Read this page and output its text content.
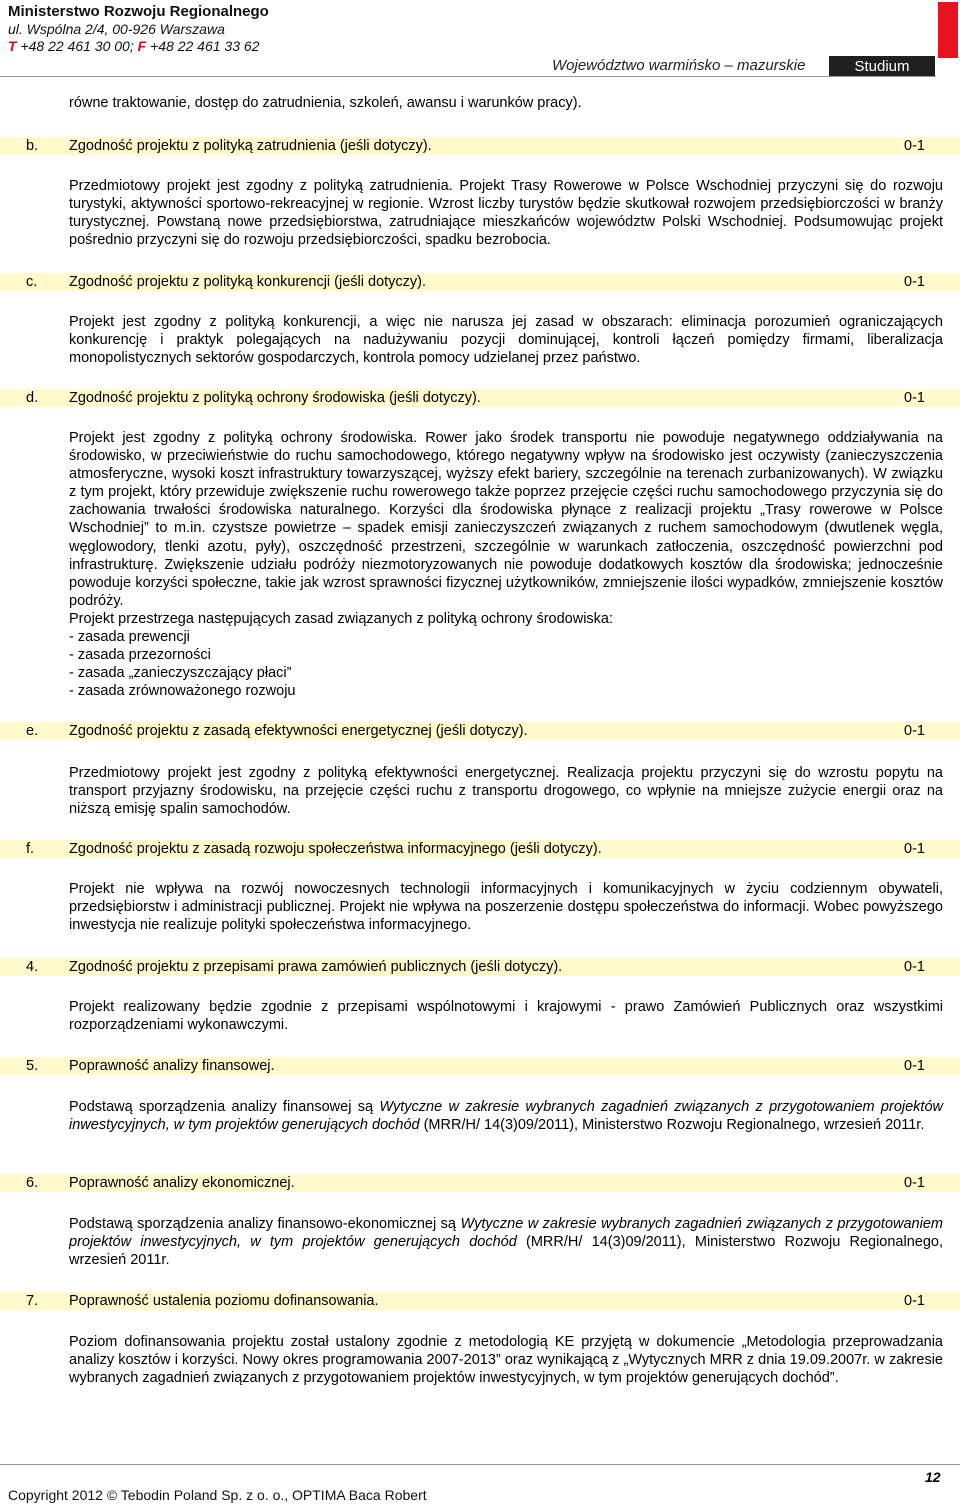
Ministerstwo Rozwoju Regionalnego
ul. Wspólna 2/4, 00-926 Warszawa
T +48 22 461 30 00; F +48 22 461 33 62
Województwo warmińsko – mazurskie	Studium
równe traktowanie, dostęp do zatrudnienia, szkoleń, awansu i warunków pracy).
b. Zgodność projektu z polityką zatrudnienia (jeśli dotyczy).	0-1
Przedmiotowy projekt jest zgodny z polityką zatrudnienia. Projekt Trasy Rowerowe w Polsce Wschodniej przyczyni się do rozwoju turystyki, aktywności sportowo-rekreacyjnej w regionie. Wzrost liczby turystów będzie skutkował rozwojem przedsiębiorczości w branży turystycznej. Powstaną nowe przedsiębiorstwa, zatrudniające mieszkańców województw Polski Wschodniej. Podsumowując projekt pośrednio przyczyni się do rozwoju przedsiębiorczości, spadku bezrobocia.
c. Zgodność projektu z polityką konkurencji (jeśli dotyczy).	0-1
Projekt jest zgodny z polityką konkurencji, a więc nie narusza jej zasad w obszarach: eliminacja porozumień ograniczających konkurencję i praktyk polegających na nadużywaniu pozycji dominującej, kontroli łączeń pomiędzy firmami, liberalizacja monopolistycznych sektorów gospodarczych, kontrola pomocy udzielanej przez państwo.
d. Zgodność projektu z polityką ochrony środowiska (jeśli dotyczy).	0-1
Projekt jest zgodny z polityką ochrony środowiska. Rower jako środek transportu nie powoduje negatywnego oddziaływania na środowisko, w przeciwieństwie do ruchu samochodowego, którego negatywny wpływ na środowisko jest oczywisty (zanieczyszczenia atmosferyczne, wysoki koszt infrastruktury towarzyszącej, wyższy efekt bariery, szczególnie na terenach zurbanizowanych). W związku z tym projekt, który przewiduje zwiększenie ruchu rowerowego także poprzez przejęcie części ruchu samochodowego przyczynia się do zachowania trwałości środowiska naturalnego. Korzyści dla środowiska płynące z realizacji projektu „Trasy rowerowe w Polsce Wschodniej” to m.in. czystsze powietrze – spadek emisji zanieczyszczeń związanych z ruchem samochodowym (dwutlenek węgla, węglowodory, tlenki azotu, pyły), oszczędność przestrzeni, szczególnie w warunkach zatłoczenia, oszczędność powierzchni pod infrastrukturę. Zwiększenie udziału podróży niezmotoryzowanych nie powoduje dodatkowych kosztów dla środowiska; jednocześnie powoduje korzyści społeczne, takie jak wzrost sprawności fizycznej użytkowników, zmniejszenie ilości wypadków, zmniejszenie kosztów podróży.
Projekt przestrzega następujących zasad związanych z polityką ochrony środowiska:
- zasada prewencji
- zasada przezorności
- zasada „zanieczyszczający płaci”
- zasada zrównoważonego rozwoju
e. Zgodność projektu z zasadą efektywności energetycznej (jeśli dotyczy).	0-1
Przedmiotowy projekt jest zgodny z polityką efektywności energetycznej. Realizacja projektu przyczyni się do wzrostu popytu na transport przyjazny środowisku, na przejęcie części ruchu z transportu drogowego, co wpłynie na mniejsze zużycie energii oraz na niższą emisję spalin samochodów.
f. Zgodność projektu z zasadą rozwoju społeczeństwa informacyjnego (jeśli dotyczy).	0-1
Projekt nie wpływa na rozwój nowoczesnych technologii informacyjnych i komunikacyjnych w życiu codziennym obywateli, przedsiębiorstw i administracji publicznej. Projekt nie wpływa na poszerzenie dostępu społeczeństwa do informacji. Wobec powyższego inwestycja nie realizuje polityki społeczeństwa informacyjnego.
4. Zgodność projektu z przepisami prawa zamówień publicznych (jeśli dotyczy).	0-1
Projekt realizowany będzie zgodnie z przepisami wspólnotowymi i krajowymi - prawo Zamówień Publicznych oraz wszystkimi rozporządzeniami wykonawczymi.
5. Poprawność analizy finansowej.	0-1
Podstawą sporządzenia analizy finansowej są Wytyczne w zakresie wybranych zagadnień związanych z przygotowaniem projektów inwestycyjnych, w tym projektów generujących dochód (MRR/H/ 14(3)09/2011), Ministerstwo Rozwoju Regionalnego, wrzesień 2011r.
6. Poprawność analizy ekonomicznej.	0-1
Podstawą sporządzenia analizy finansowo-ekonomicznej są Wytyczne w zakresie wybranych zagadnień związanych z przygotowaniem projektów inwestycyjnych, w tym projektów generujących dochód (MRR/H/ 14(3)09/2011), Ministerstwo Rozwoju Regionalnego, wrzesień 2011r.
7. Poprawność ustalenia poziomu dofinansowania.	0-1
Poziom dofinansowania projektu został ustalony zgodnie z metodologią KE przyjętą w dokumencie „Metodologia przeprowadzania analizy kosztów i korzyści. Nowy okres programowania 2007-2013” oraz wynikającą z „Wytycznych MRR z dnia 19.09.2007r. w zakresie wybranych zagadnień związanych z przygotowaniem projektów inwestycyjnych, w tym projektów generujących dochód”.
12
Copyright 2012 © Tebodin Poland Sp. z o. o., OPTIMA Baca Robert
